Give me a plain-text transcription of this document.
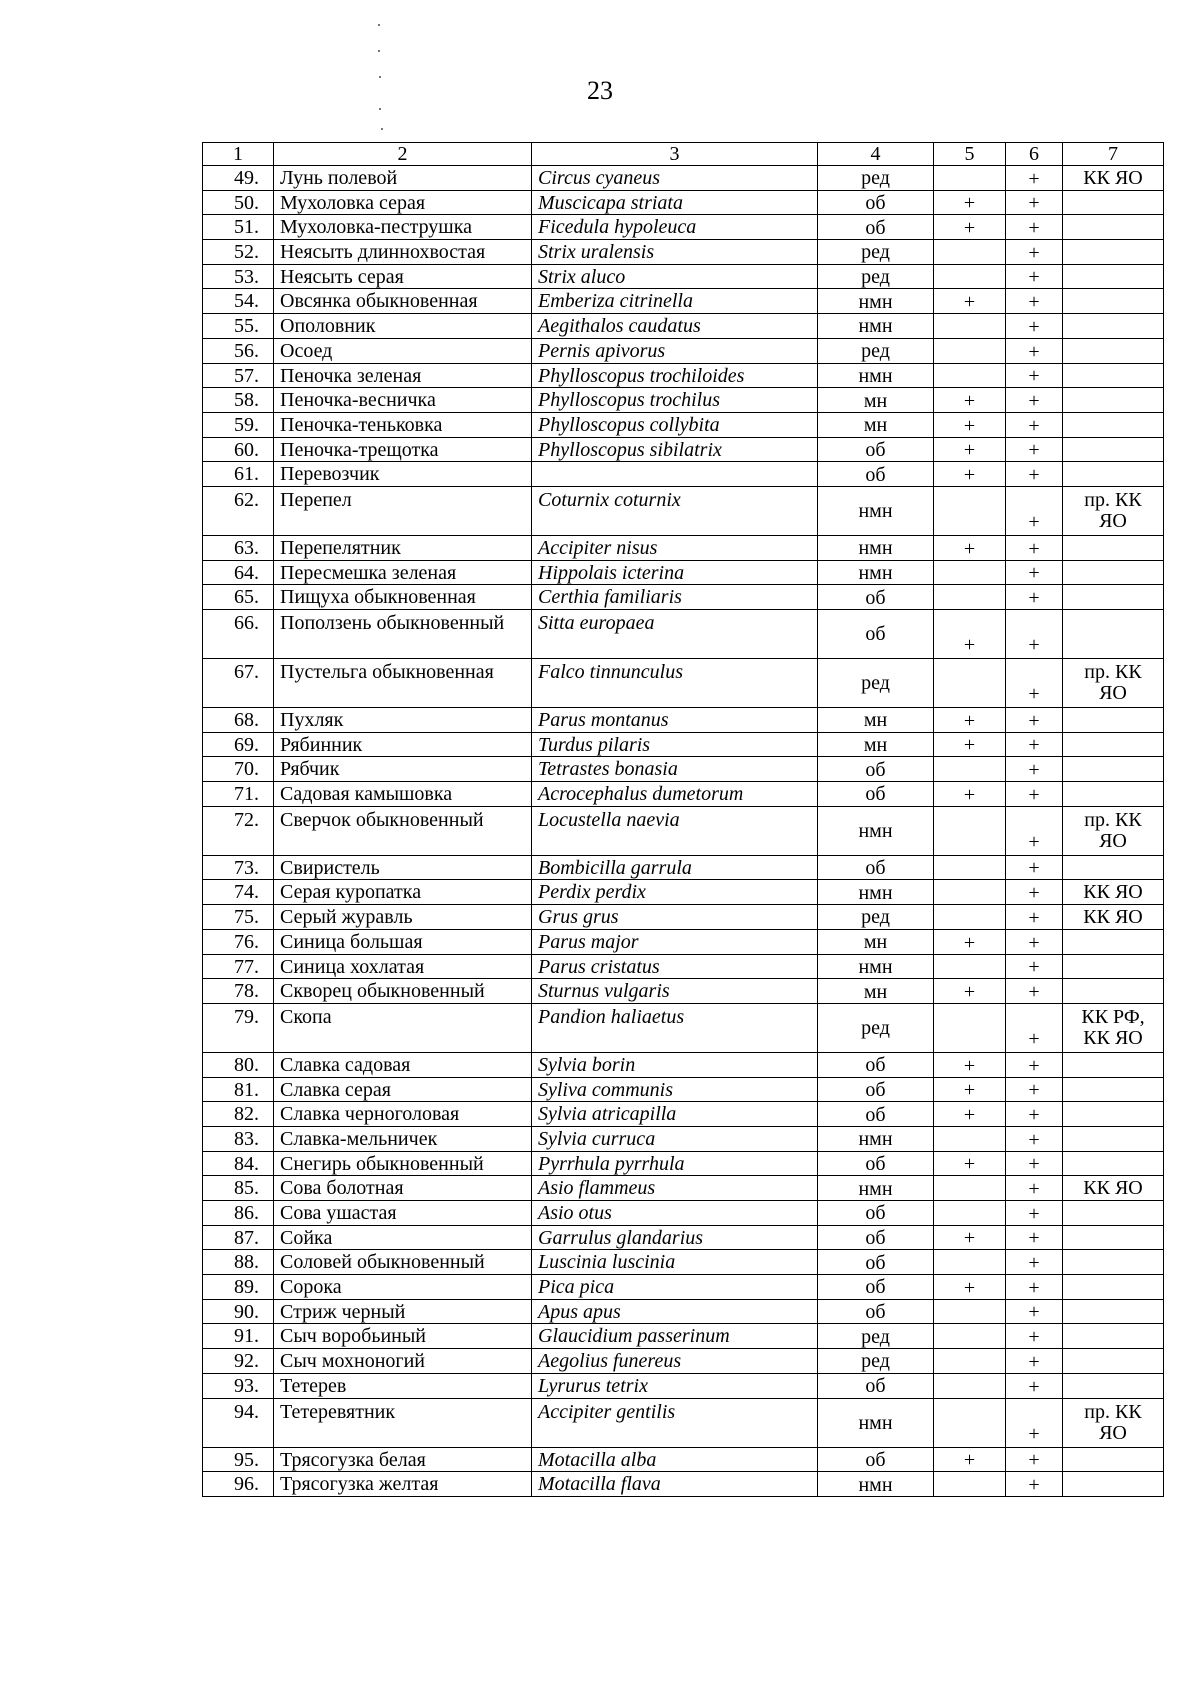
23
1	2	3	4	5	6	7
49.	Лунь полевой	Circus cyaneus	ред		+	КК ЯО
50.	Мухоловка серая	Muscicapa striata	об	+	+	
51.	Мухоловка-пеструшка	Ficedula hypoleuca	об	+	+	
52.	Неясыть длиннохвостая	Strix uralensis	ред		+	
53.	Неясыть серая	Strix aluco	ред		+	
54.	Овсянка обыкновенная	Emberiza citrinella	нмн	+	+	
55.	Ополовник	Aegithalos caudatus	нмн		+	
56.	Осоед	Pernis apivorus	ред		+	
57.	Пеночка зеленая	Phylloscopus trochiloides	нмн		+	
58.	Пеночка-весничка	Phylloscopus trochilus	мн	+	+	
59.	Пеночка-теньковка	Phylloscopus collybita	мн	+	+	
60.	Пеночка-трещотка	Phylloscopus sibilatrix	об	+	+	
61.	Перевозчик		об	+	+	
62.	Перепел	Coturnix coturnix	нмн		+	пр. КК ЯО
63.	Перепелятник	Accipiter nisus	нмн	+	+	
64.	Пересмешка зеленая	Hippolais icterina	нмн		+	
65.	Пищуха обыкновенная	Certhia familiaris	об		+	
66.	Поползень обыкновенный	Sitta europaea	об	+	+	
67.	Пустельга обыкновенная	Falco tinnunculus	ред		+	пр. КК ЯО
68.	Пухляк	Parus montanus	мн	+	+	
69.	Рябинник	Turdus pilaris	мн	+	+	
70.	Рябчик	Tetrastes bonasia	об		+	
71.	Садовая камышовка	Acrocephalus dumetorum	об	+	+	
72.	Сверчок обыкновенный	Locustella naevia	нмн		+	пр. КК ЯО
73.	Свиристель	Bombicilla garrula	об		+	
74.	Серая куропатка	Perdix perdix	нмн		+	КК ЯО
75.	Серый журавль	Grus grus	ред		+	КК ЯО
76.	Синица большая	Parus major	мн	+	+	
77.	Синица хохлатая	Parus cristatus	нмн		+	
78.	Скворец обыкновенный	Sturnus vulgaris	мн	+	+	
79.	Скопа	Pandion haliaetus	ред		+	КК РФ, КК ЯО
80.	Славка садовая	Sylvia borin	об	+	+	
81.	Славка серая	Syliva communis	об	+	+	
82.	Славка черноголовая	Sylvia atricapilla	об	+	+	
83.	Славка-мельничек	Sylvia curruca	нмн		+	
84.	Снегирь обыкновенный	Pyrrhula pyrrhula	об	+	+	
85.	Сова болотная	Asio flammeus	нмн		+	КК ЯО
86.	Сова ушастая	Asio otus	об		+	
87.	Сойка	Garrulus glandarius	об	+	+	
88.	Соловей обыкновенный	Luscinia luscinia	об		+	
89.	Сорока	Pica pica	об	+	+	
90.	Стриж черный	Apus apus	об		+	
91.	Сыч воробьиный	Glaucidium passerinum	ред		+	
92.	Сыч мохноногий	Aegolius funereus	ред		+	
93.	Тетерев	Lyrurus tetrix	об		+	
94.	Тетеревятник	Accipiter gentilis	нмн		+	пр. КК ЯО
95.	Трясогузка белая	Motacilla alba	об	+	+	
96.	Трясогузка желтая	Motacilla flava	нмн		+	
